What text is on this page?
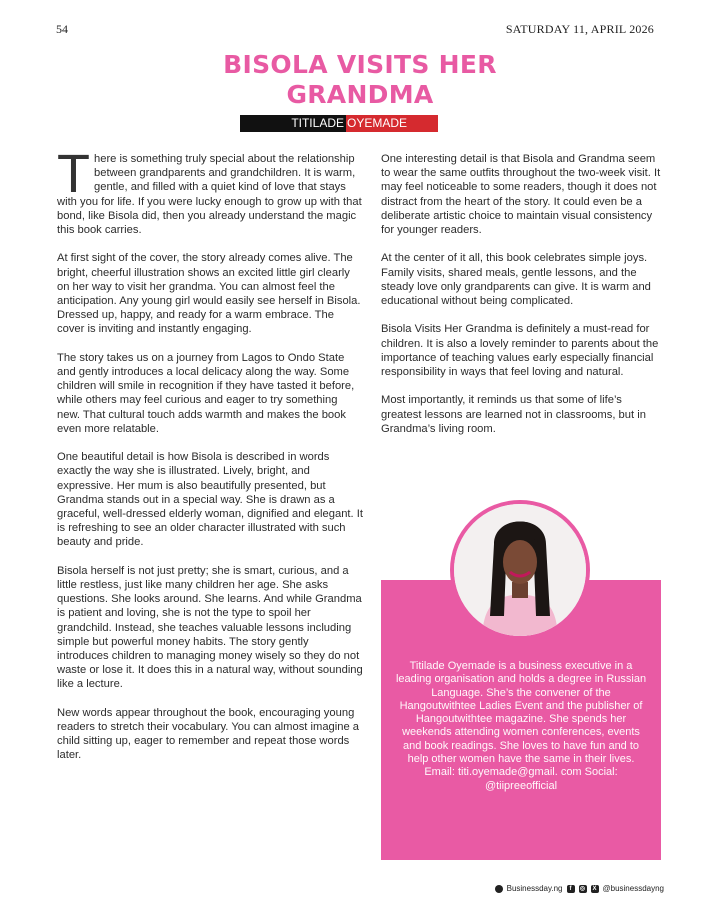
54	SATURDAY 11, APRIL 2026
BISOLA VISITS HER
GRANDMA
TITILADE OYEMADE

There is something truly special about the relationship between grandparents and grandchildren. It is warm, gentle, and filled with a quiet kind of love that stays with you for life. If you were lucky enough to grow up with that bond, like Bisola did, then you already understand the magic this book carries.

At first sight of the cover, the story already comes alive. The bright, cheerful illustration shows an excited little girl clearly on her way to visit her grandma. You can almost feel the anticipation. Any young girl would easily see herself in Bisola. Dressed up, happy, and ready for a warm embrace. The cover is inviting and instantly engaging.

The story takes us on a journey from Lagos to Ondo State and gently introduces a local delicacy along the way. Some children will smile in recognition if they have tasted it before, while others may feel curious and eager to try something new. That cultural touch adds warmth and makes the book even more relatable.

One beautiful detail is how Bisola is described in words exactly the way she is illustrated. Lively, bright, and expressive. Her mum is also beautifully presented, but Grandma stands out in a special way. She is drawn as a graceful, well-dressed elderly woman, dignified and elegant. It is refreshing to see an older character illustrated with such beauty and pride.

Bisola herself is not just pretty; she is smart, curious, and a little restless, just like many children her age. She asks questions. She looks around. She learns. And while Grandma is patient and loving, she is not the type to spoil her grandchild. Instead, she teaches valuable lessons including simple but powerful money habits. The story gently introduces children to managing money wisely so they do not waste or lose it. It does this in a natural way, without sounding like a lecture.

New words appear throughout the book, encouraging young readers to stretch their vocabulary. You can almost imagine a child sitting up, eager to remember and repeat those words later.

One interesting detail is that Bisola and Grandma seem to wear the same outfits throughout the two-week visit. It may feel noticeable to some readers, though it does not distract from the heart of the story. It could even be a deliberate artistic choice to maintain visual consistency for younger readers.

At the center of it all, this book celebrates simple joys. Family visits, shared meals, gentle lessons, and the steady love only grandparents can give. It is warm and educational without being complicated.

Bisola Visits Her Grandma is definitely a must-read for children. It is also a lovely reminder to parents about the importance of teaching values early especially financial responsibility in ways that feel loving and natural.

Most importantly, it reminds us that some of life’s greatest lessons are learned not in classrooms, but in Grandma’s living room.

Titilade Oyemade is a business executive in a leading organisation and holds a degree in Russian Language. She’s the convener of the Hangoutwithtee Ladies Event and the publisher of Hangoutwithtee magazine. She spends her weekends attending women conferences, events and book readings. She loves to have fun and to help other women have the same in their lives. Email: titi.oyemade@gmail. com Social: @tiipreeofficial
Businessday.ng	f	◎	X @businessdayng
